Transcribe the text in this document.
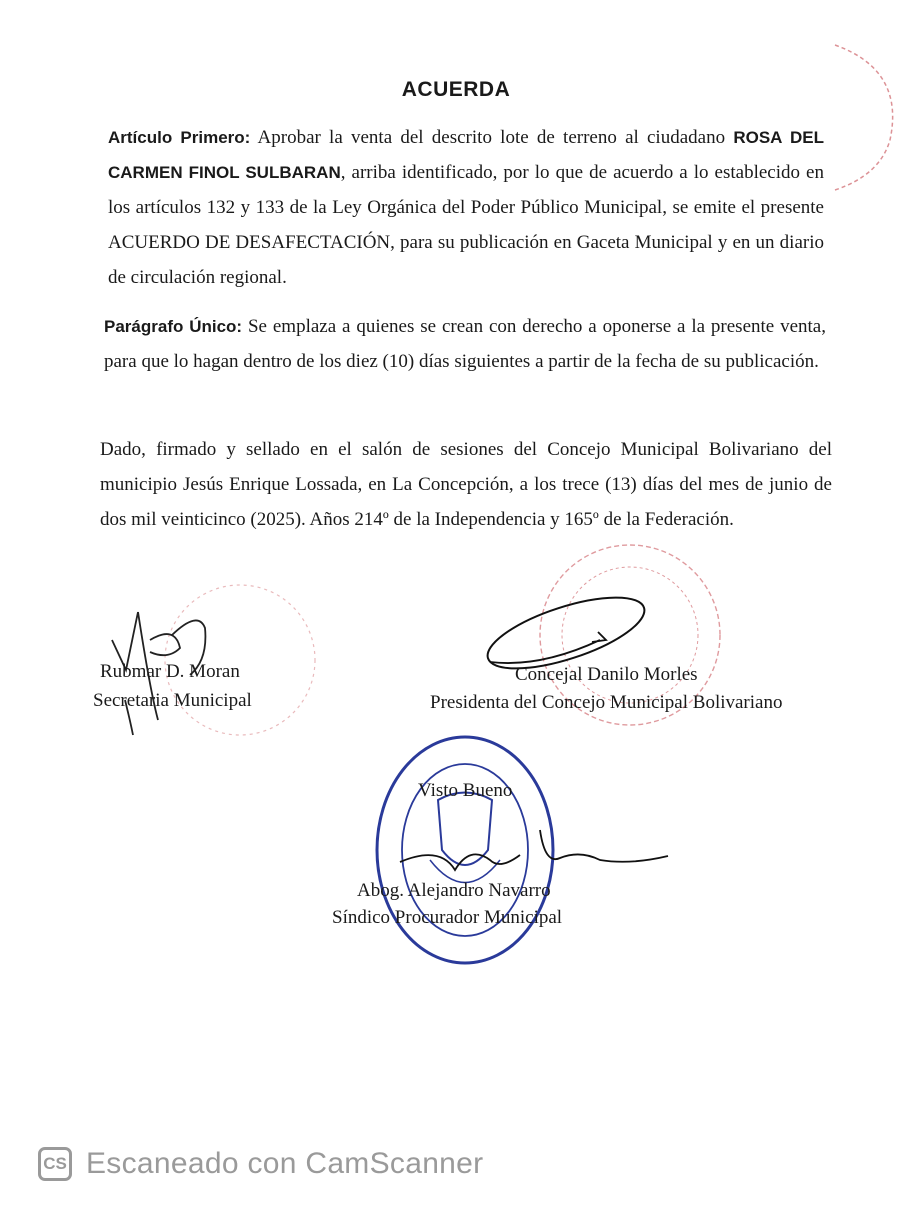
ACUERDA

Artículo Primero: Aprobar la venta del descrito lote de terreno al ciudadano ROSA DEL CARMEN FINOL SULBARAN, arriba identificado, por lo que de acuerdo a lo establecido en los artículos 132 y 133 de la Ley Orgánica del Poder Público Municipal, se emite el presente ACUERDO DE DESAFECTACIÓN, para su publicación en Gaceta Municipal y en un diario de circulación regional.

Parágrafo Único: Se emplaza a quienes se crean con derecho a oponerse a la presente venta, para que lo hagan dentro de los diez (10) días siguientes a partir de la fecha de su publicación.

Dado, firmado y sellado en el salón de sesiones del Concejo Municipal Bolivariano del municipio Jesús Enrique Lossada, en La Concepción, a los trece (13) días del mes de junio de dos mil veinticinco (2025). Años 214º de la Independencia y 165º de la Federación.

Rubmar D. Moran
Secretaria Municipal
Concejal Danilo Morles
Presidenta del Concejo Municipal Bolivariano
Visto Bueno
Abog. Alejandro Navarro
Síndico Procurador Municipal
CS Escaneado con CamScanner
